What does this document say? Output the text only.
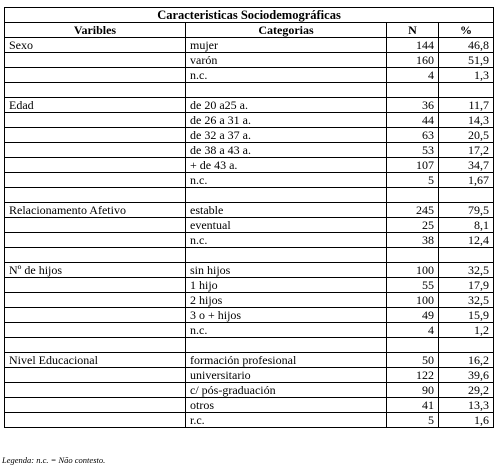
Caracteristicas Sociodemográficas			
Varibles	Categorias	N	%
Sexo	mujer	144	46,8
	varón	160	51,9
	n.c.	4	1,3

Edad	de 20 a25 a.	36	11,7
	de 26 a 31 a.	44	14,3
	de 32 a 37 a.	63	20,5
	de 38 a 43 a.	53	17,2
	+ de 43 a.	107	34,7
	n.c.	5	1,67

Relacionamento Afetivo	estable	245	79,5
	eventual	25	8,1
	n.c.	38	12,4

Nº de hijos	sin hijos	100	32,5
	1 hijo	55	17,9
	2 hijos	100	32,5
	3 o + hijos	49	15,9
	n.c.	4	1,2

Nivel Educacional	formación profesional	50	16,2
	universitario	122	39,6
	c/ pós-graduación	90	29,2
	otros	41	13,3
	r.c.	5	1,6
Legenda: n.c. = Não contesto.
